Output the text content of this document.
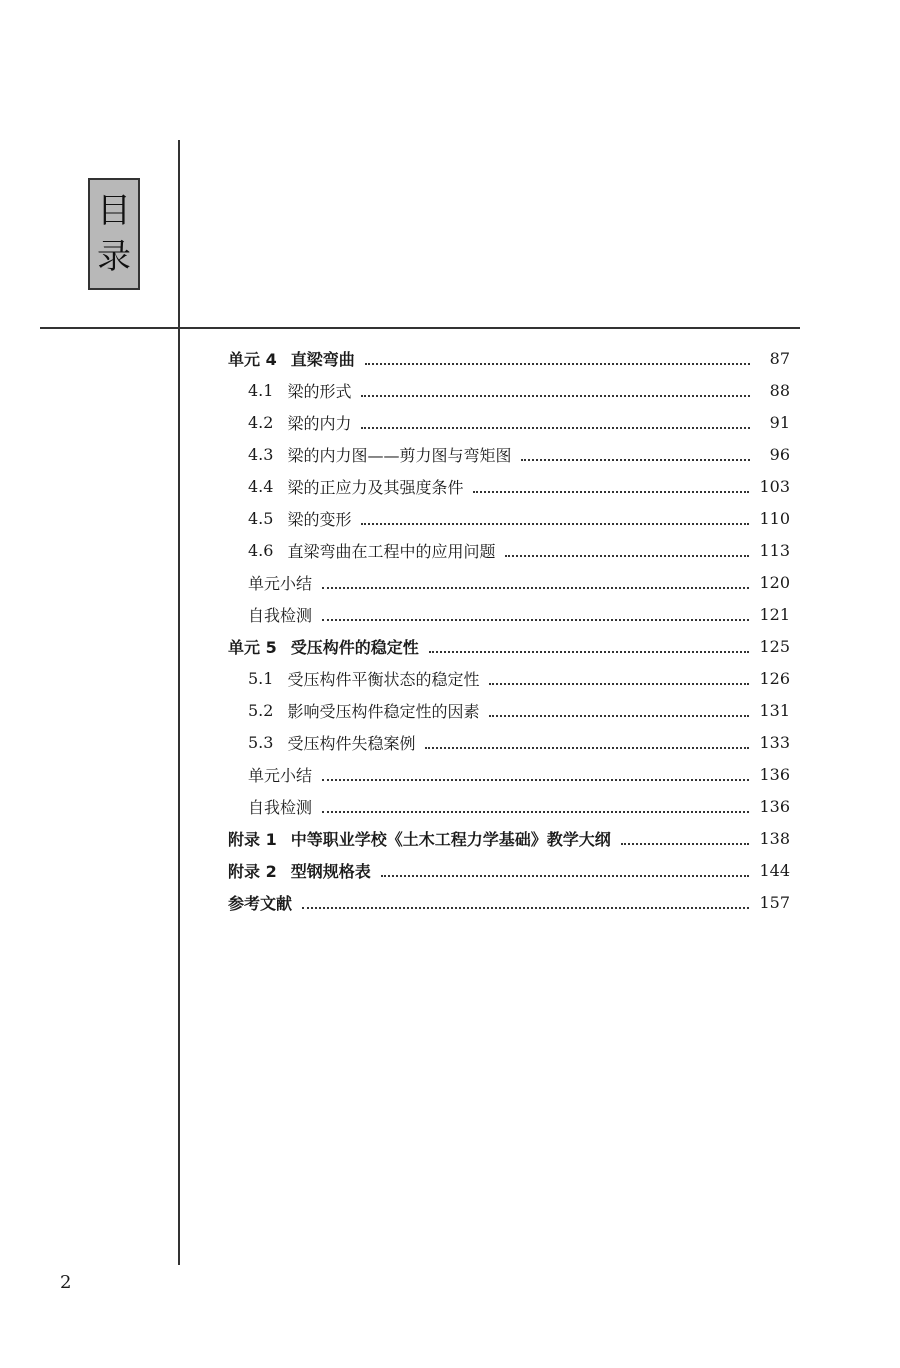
目
录
单元 4 直梁弯曲	87
4.1 梁的形式	88
4.2 梁的内力	91
4.3 梁的内力图——剪力图与弯矩图	96
4.4 梁的正应力及其强度条件	103
4.5 梁的变形	110
4.6 直梁弯曲在工程中的应用问题	113
单元小结	120
自我检测	121
单元 5 受压构件的稳定性	125
5.1 受压构件平衡状态的稳定性	126
5.2 影响受压构件稳定性的因素	131
5.3 受压构件失稳案例	133
单元小结	136
自我检测	136
附录 1 中等职业学校《土木工程力学基础》教学大纲	138
附录 2 型钢规格表	144
参考文献	157
2
